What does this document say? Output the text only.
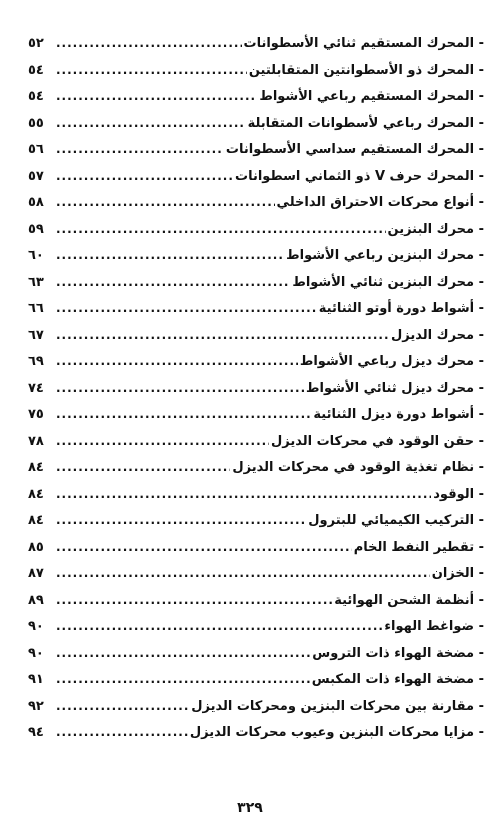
- المحرك المستقيم ثنائي الأسطوانات
.....
٥٢
- المحرك ذو الأسطوانتين المتقابلتين
.....
٥٤
- المحرك المستقيم رباعي الأشواط
.....
٥٤
- المحرك رباعي لأسطوانات المتقابلة
.....
٥٥
- المحرك المستقيم سداسي الأسطوانات
.....
٥٦
- المحرك حرف V ذو الثماني اسطوانات
.....
٥٧
- أنواع محركات الاحتراق الداخلي
.....
٥٨
- محرك البنزين
.....
٥٩
- محرك البنزين رباعي الأشواط
.....
٦٠
- محرك البنزين ثنائي الأشواط
.....
٦٣
- أشواط دورة أوتو الثنائية
.....
٦٦
- محرك الديزل
.....
٦٧
- محرك ديزل رباعي الأشواط
.....
٦٩
- محرك ديزل ثنائي الأشواط
.....
٧٤
- أشواط دورة ديزل الثنائية
.....
٧٥
- حقن الوقود في محركات الديزل
.....
٧٨
- نظام تغذية الوقود في محركات الديزل
.....
٨٤
- الوقود
.....
٨٤
- التركيب الكيميائي للبترول
.....
٨٤
- تقطير النفط الخام
.....
٨٥
- الخزان
.....
٨٧
- أنظمة الشحن الهوائية
.....
٨٩
- ضواغط الهواء
.....
٩٠
- مضخة الهواء ذات التروس
.....
٩٠
- مضخة الهواء ذات المكبس
.....
٩١
- مقارنة بين محركات البنزين ومحركات الديزل
.....
٩٢
- مزايا محركات البنزين وعيوب محركات الديزل
.....
٩٤
٣٢٩
